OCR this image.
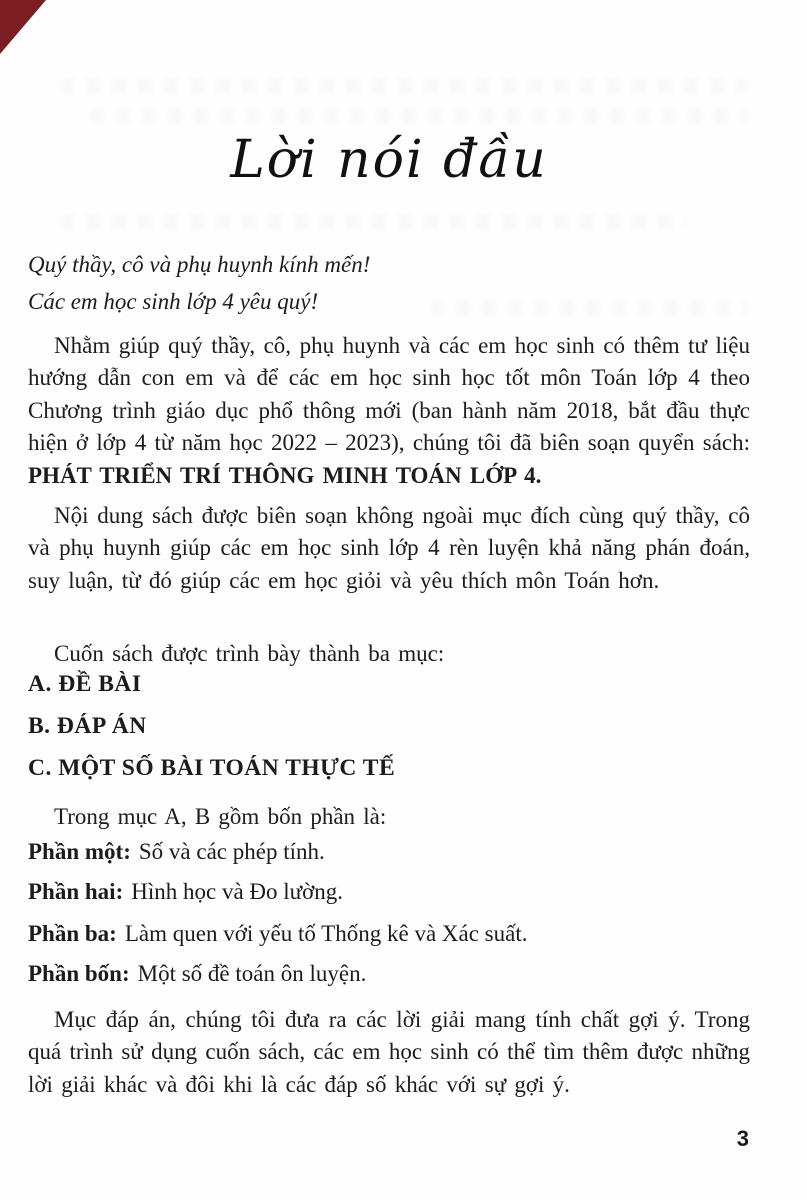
Lời nói đầu
Quý thầy, cô và phụ huynh kính mến!
Các em học sinh lớp 4 yêu quý!
Nhằm giúp quý thầy, cô, phụ huynh và các em học sinh có thêm tư liệu hướng dẫn con em và để các em học sinh học tốt môn Toán lớp 4 theo Chương trình giáo dục phổ thông mới (ban hành năm 2018, bắt đầu thực hiện ở lớp 4 từ năm học 2022 – 2023), chúng tôi đã biên soạn quyển sách: PHÁT TRIỂN TRÍ THÔNG MINH TOÁN LỚP 4.
Nội dung sách được biên soạn không ngoài mục đích cùng quý thầy, cô và phụ huynh giúp các em học sinh lớp 4 rèn luyện khả năng phán đoán, suy luận, từ đó giúp các em học giỏi và yêu thích môn Toán hơn.
Cuốn sách được trình bày thành ba mục:
A. ĐỀ BÀI
B. ĐÁP ÁN
C. MỘT SỐ BÀI TOÁN THỰC TẾ
Trong mục A, B gồm bốn phần là:
Phần một: Số và các phép tính.
Phần hai: Hình học và Đo lường.
Phần ba: Làm quen với yếu tố Thống kê và Xác suất.
Phần bốn: Một số đề toán ôn luyện.
Mục đáp án, chúng tôi đưa ra các lời giải mang tính chất gợi ý. Trong quá trình sử dụng cuốn sách, các em học sinh có thể tìm thêm được những lời giải khác và đôi khi là các đáp số khác với sự gợi ý.
3
